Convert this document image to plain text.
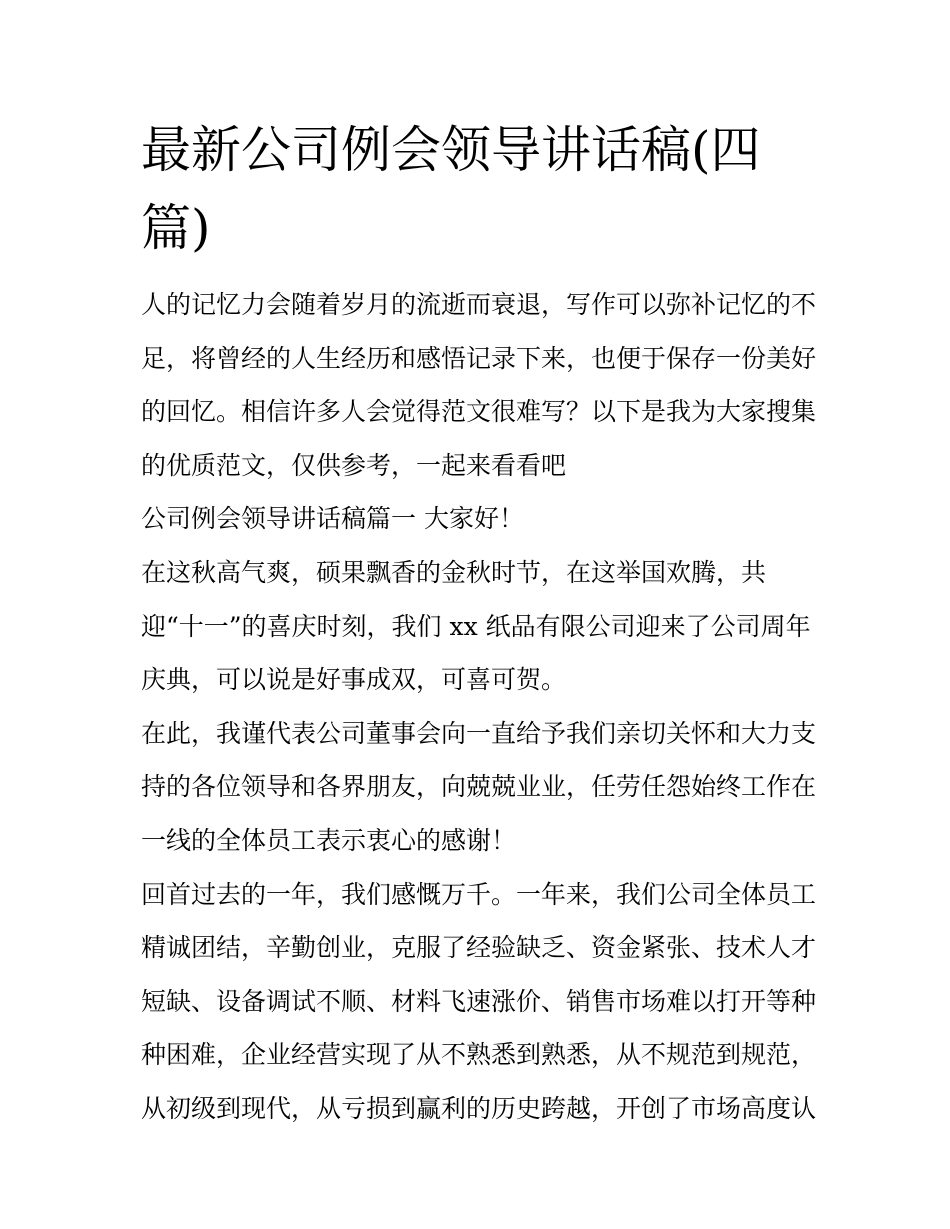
最新公司例会领导讲话稿(四篇)

人的记忆力会随着岁月的流逝而衰退，写作可以弥补记忆的不
足，将曾经的人生经历和感悟记录下来，也便于保存一份美好
的回忆。相信许多人会觉得范文很难写？以下是我为大家搜集
的优质范文，仅供参考，一起来看看吧

公司例会领导讲话稿篇一 大家好！

在这秋高气爽，硕果飘香的金秋时节，在这举国欢腾，共
迎“十一”的喜庆时刻，我们 xx 纸品有限公司迎来了公司周年
庆典，可以说是好事成双，可喜可贺。

在此，我谨代表公司董事会向一直给予我们亲切关怀和大力支
持的各位领导和各界朋友，向兢兢业业，任劳任怨始终工作在
一线的全体员工表示衷心的感谢！

回首过去的一年，我们感慨万千。一年来，我们公司全体员工
精诚团结，辛勤创业，克服了经验缺乏、资金紧张、技术人才
短缺、设备调试不顺、材料飞速涨价、销售市场难以打开等种
种困难，企业经营实现了从不熟悉到熟悉，从不规范到规范，
从初级到现代，从亏损到赢利的历史跨越，开创了市场高度认
